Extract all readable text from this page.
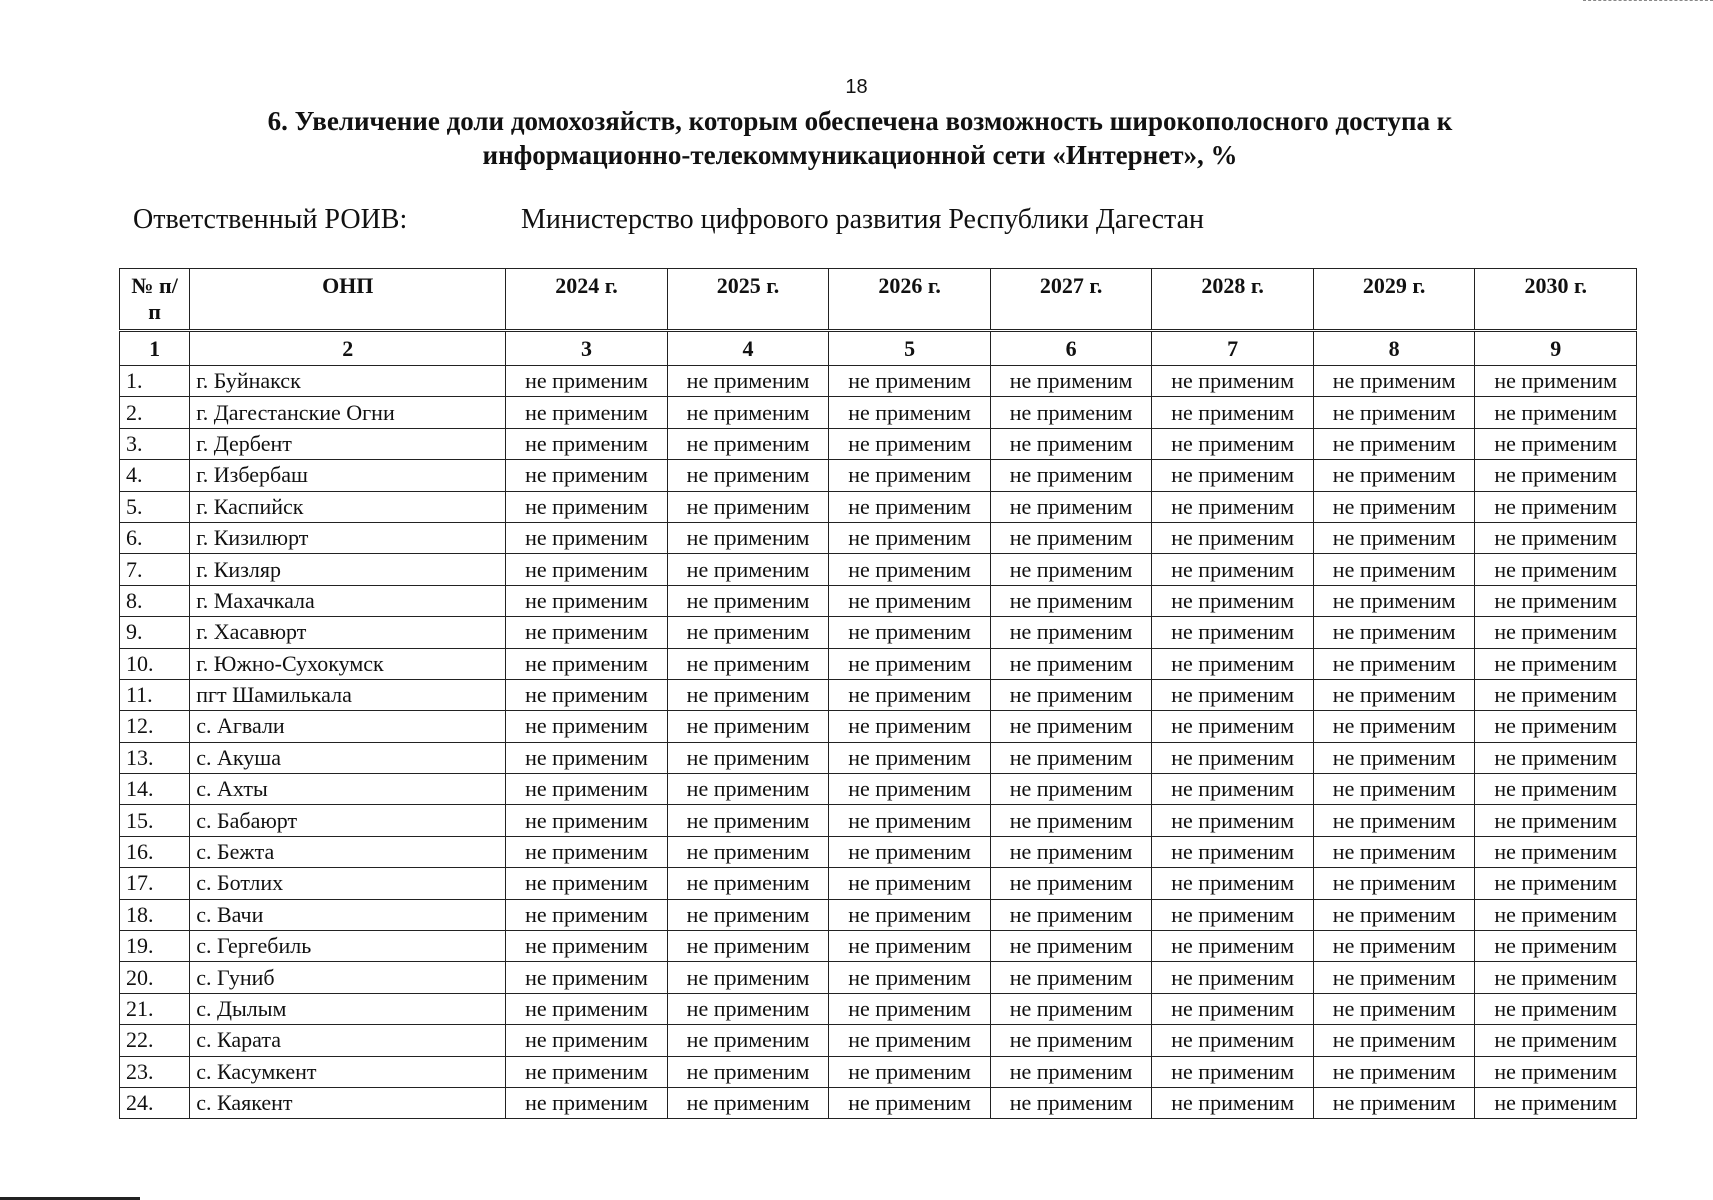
18
6. Увеличение доли домохозяйств, которым обеспечена возможность широкополосного доступа к информационно-телекоммуникационной сети «Интернет», %
Ответственный РОИВ:	Министерство цифрового развития Республики Дагестан
№ п/п	ОНП	2024 г.	2025 г.	2026 г.	2027 г.	2028 г.	2029 г.	2030 г.
1	2	3	4	5	6	7	8	9
1.	г. Буйнакск	не применим	не применим	не применим	не применим	не применим	не применим	не применим
2.	г. Дагестанские Огни	не применим	не применим	не применим	не применим	не применим	не применим	не применим
3.	г. Дербент	не применим	не применим	не применим	не применим	не применим	не применим	не применим
4.	г. Избербаш	не применим	не применим	не применим	не применим	не применим	не применим	не применим
5.	г. Каспийск	не применим	не применим	не применим	не применим	не применим	не применим	не применим
6.	г. Кизилюрт	не применим	не применим	не применим	не применим	не применим	не применим	не применим
7.	г. Кизляр	не применим	не применим	не применим	не применим	не применим	не применим	не применим
8.	г. Махачкала	не применим	не применим	не применим	не применим	не применим	не применим	не применим
9.	г. Хасавюрт	не применим	не применим	не применим	не применим	не применим	не применим	не применим
10.	г. Южно-Сухокумск	не применим	не применим	не применим	не применим	не применим	не применим	не применим
11.	пгт Шамилькала	не применим	не применим	не применим	не применим	не применим	не применим	не применим
12.	с. Агвали	не применим	не применим	не применим	не применим	не применим	не применим	не применим
13.	с. Акуша	не применим	не применим	не применим	не применим	не применим	не применим	не применим
14.	с. Ахты	не применим	не применим	не применим	не применим	не применим	не применим	не применим
15.	с. Бабаюрт	не применим	не применим	не применим	не применим	не применим	не применим	не применим
16.	с. Бежта	не применим	не применим	не применим	не применим	не применим	не применим	не применим
17.	с. Ботлих	не применим	не применим	не применим	не применим	не применим	не применим	не применим
18.	с. Вачи	не применим	не применим	не применим	не применим	не применим	не применим	не применим
19.	с. Гергебиль	не применим	не применим	не применим	не применим	не применим	не применим	не применим
20.	с. Гуниб	не применим	не применим	не применим	не применим	не применим	не применим	не применим
21.	с. Дылым	не применим	не применим	не применим	не применим	не применим	не применим	не применим
22.	с. Карата	не применим	не применим	не применим	не применим	не применим	не применим	не применим
23.	с. Касумкент	не применим	не применим	не применим	не применим	не применим	не применим	не применим
24.	с. Каякент	не применим	не применим	не применим	не применим	не применим	не применим	не применим
